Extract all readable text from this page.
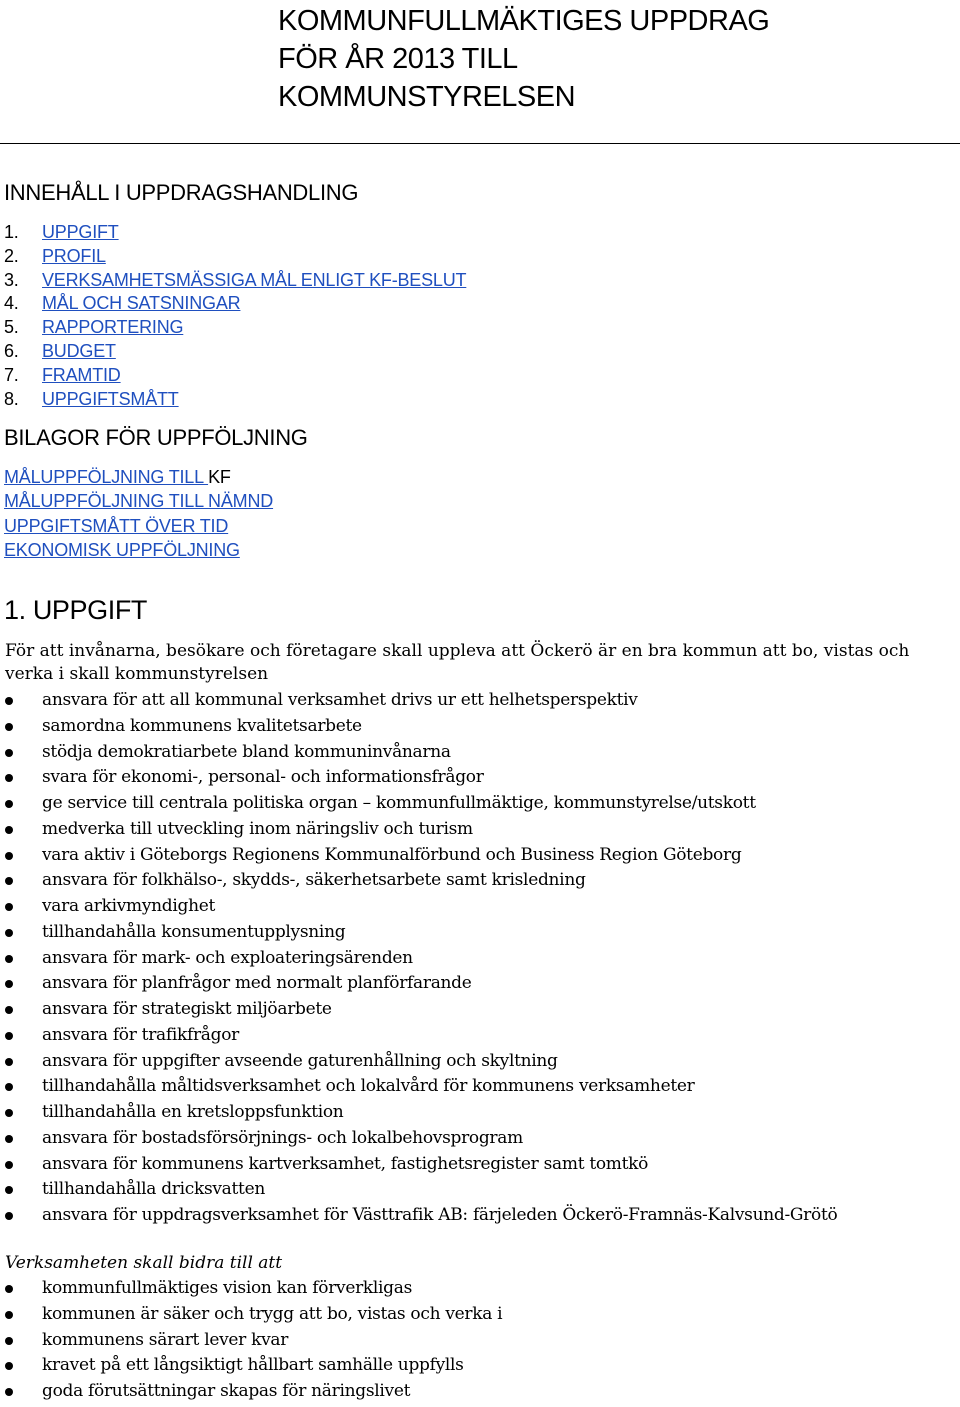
KOMMUNFULLMÄKTIGES UPPDRAG
FÖR ÅR 2013 TILL
KOMMUNSTYRELSEN
INNEHÅLL I UPPDRAGSHANDLING
1. UPPGIFT
2. PROFIL
3. VERKSAMHETSMÄSSIGA MÅL ENLIGT KF-BESLUT
4. MÅL OCH SATSNINGAR
5. RAPPORTERING
6. BUDGET
7. FRAMTID
8. UPPGIFTSMÅTT
BILAGOR FÖR UPPFÖLJNING
MÅLUPPFÖLJNING TILL KF
MÅLUPPFÖLJNING TILL NÄMND
UPPGIFTSMÅTT ÖVER TID
EKONOMISK UPPFÖLJNING
1. UPPGIFT
För att invånarna, besökare och företagare skall uppleva att Öckerö är en bra kommun att bo, vistas och verka i skall kommunstyrelsen
ansvara för att all kommunal verksamhet drivs ur ett helhetsperspektiv
samordna kommunens kvalitetsarbete
stödja demokratiarbete bland kommuninvånarna
svara för ekonomi-, personal- och informationsfrågor
ge service till centrala politiska organ – kommunfullmäktige, kommunstyrelse/utskott
medverka till utveckling inom näringsliv och turism
vara aktiv i Göteborgs Regionens Kommunalförbund och Business Region Göteborg
ansvara för folkhälso-, skydds-, säkerhetsarbete samt krisledning
vara arkivmyndighet
tillhandahålla konsumentupplysning
ansvara för mark- och exploateringsärenden
ansvara för planfrågor med normalt planförfarande
ansvara för strategiskt miljöarbete
ansvara för trafikfrågor
ansvara för uppgifter avseende gaturenhållning och skyltning
tillhandahålla måltidsverksamhet och lokalvård för kommunens verksamheter
tillhandahålla en kretsloppsfunktion
ansvara för bostadsförsörjnings- och lokalbehovsprogram
ansvara för kommunens kartverksamhet, fastighetsregister samt tomtkö
tillhandahålla dricksvatten
ansvara för uppdragsverksamhet för Västtrafik AB: färjeleden Öckerö-Framnäs-Kalvsund-Grötö
Verksamheten skall bidra till att
kommunfullmäktiges vision kan förverkligas
kommunen är säker och trygg att bo, vistas och verka i
kommunens särart lever kvar
kravet på ett långsiktigt hållbart samhälle uppfylls
goda förutsättningar skapas för näringslivet
